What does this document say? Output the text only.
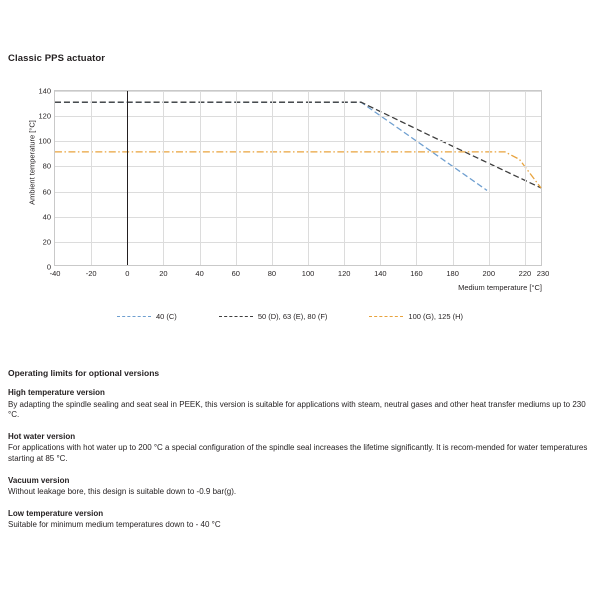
Classic PPS actuator
Ambient temperature [°C]
0
20
40
60
80
100
120
140
-40	-20	0	20	40	60	80	100	120	140	160	180	200	220 230
Medium temperature [°C]
40 (C)	50 (D), 63 (E), 80 (F)	100 (G), 125 (H)
Operating limits for optional versions
High temperature version

By adapting the spindle sealing and seat seal in PEEK, this version is suitable for applications with steam, neutral gases and other heat transfer mediums up to 230 °C.

Hot water version

For applications with hot water up to 200 °C a special configuration of the spindle seal increases the lifetime significantly. It is recom-mended for water temperatures starting at 85 °C.

Vacuum version

Without leakage bore, this design is suitable down to -0.9 bar(g).

Low temperature version

Suitable for minimum medium temperatures down to - 40 °C
